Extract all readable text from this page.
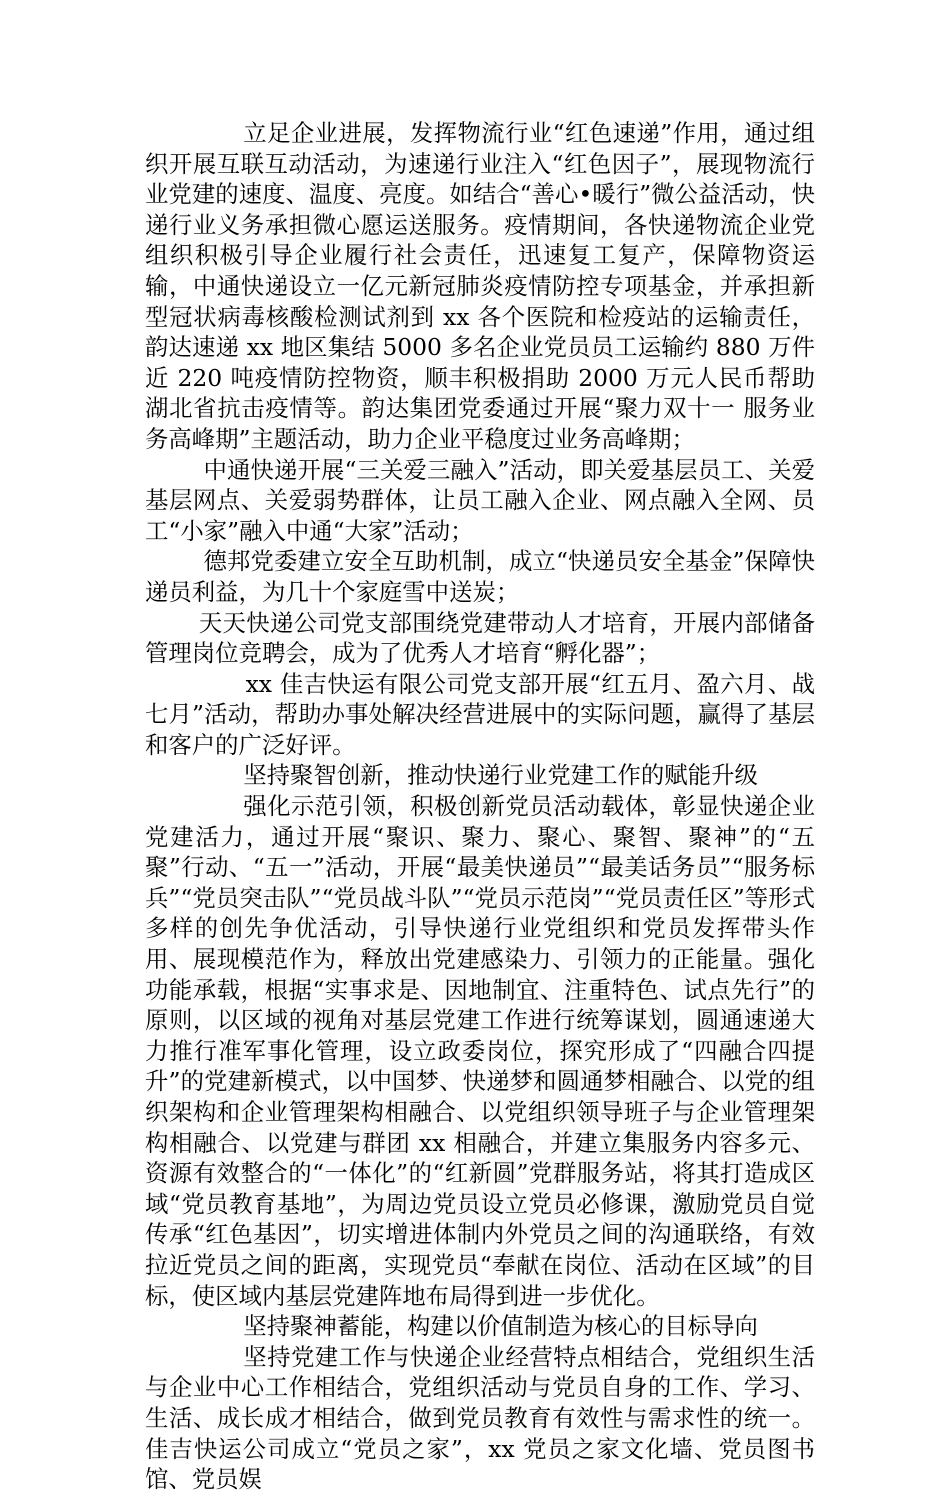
立足企业进展，发挥物流行业“红色速递”作用，通过组织开展互联互动活动，为速递行业注入“红色因子”，展现物流行业党建的速度、温度、亮度。如结合“善心•暖行”微公益活动，快递行业义务承担微心愿运送服务。疫情期间，各快递物流企业党组织积极引导企业履行社会责任，迅速复工复产，保障物资运输，中通快递设立一亿元新冠肺炎疫情防控专项基金，并承担新型冠状病毒核酸检测试剂到 xx 各个医院和检疫站的运输责任，韵达速递 xx 地区集结 5000 多名企业党员员工运输约 880 万件近 220 吨疫情防控物资，顺丰积极捐助 2000 万元人民币帮助湖北省抗击疫情等。韵达集团党委通过开展“聚力双十一 服务业务高峰期”主题活动，助力企业平稳度过业务高峰期；

中通快递开展“三关爱三融入”活动，即关爱基层员工、关爱基层网点、关爱弱势群体，让员工融入企业、网点融入全网、员工“小家”融入中通“大家”活动；

德邦党委建立安全互助机制，成立“快递员安全基金”保障快递员利益，为几十个家庭雪中送炭；

天天快递公司党支部围绕党建带动人才培育，开展内部储备管理岗位竞聘会，成为了优秀人才培育“孵化器”；

xx 佳吉快运有限公司党支部开展“红五月、盈六月、战七月”活动，帮助办事处解决经营进展中的实际问题，赢得了基层和客户的广泛好评。

坚持聚智创新，推动快递行业党建工作的赋能升级

强化示范引领，积极创新党员活动载体，彰显快递企业党建活力，通过开展“聚识、聚力、聚心、聚智、聚神”的“五聚”行动、“五一”活动，开展“最美快递员”“最美话务员”“服务标兵”“党员突击队”“党员战斗队”“党员示范岗”“党员责任区”等形式多样的创先争优活动，引导快递行业党组织和党员发挥带头作用、展现模范作为，释放出党建感染力、引领力的正能量。强化功能承载，根据“实事求是、因地制宜、注重特色、试点先行”的原则，以区域的视角对基层党建工作进行统筹谋划，圆通速递大力推行准军事化管理，设立政委岗位，探究形成了“四融合四提升”的党建新模式，以中国梦、快递梦和圆通梦相融合、以党的组织架构和企业管理架构相融合、以党组织领导班子与企业管理架构相融合、以党建与群团 xx 相融合，并建立集服务内容多元、资源有效整合的“一体化”的“红新圆”党群服务站，将其打造成区域“党员教育基地”，为周边党员设立党员必修课，激励党员自觉传承“红色基因”，切实增进体制内外党员之间的沟通联络，有效拉近党员之间的距离，实现党员“奉献在岗位、活动在区域”的目标，使区域内基层党建阵地布局得到进一步优化。

坚持聚神蓄能，构建以价值制造为核心的目标导向

坚持党建工作与快递企业经营特点相结合，党组织生活与企业中心工作相结合，党组织活动与党员自身的工作、学习、生活、成长成才相结合，做到党员教育有效性与需求性的统一。佳吉快运公司成立“党员之家”，xx 党员之家文化墙、党员图书馆、党员娱
